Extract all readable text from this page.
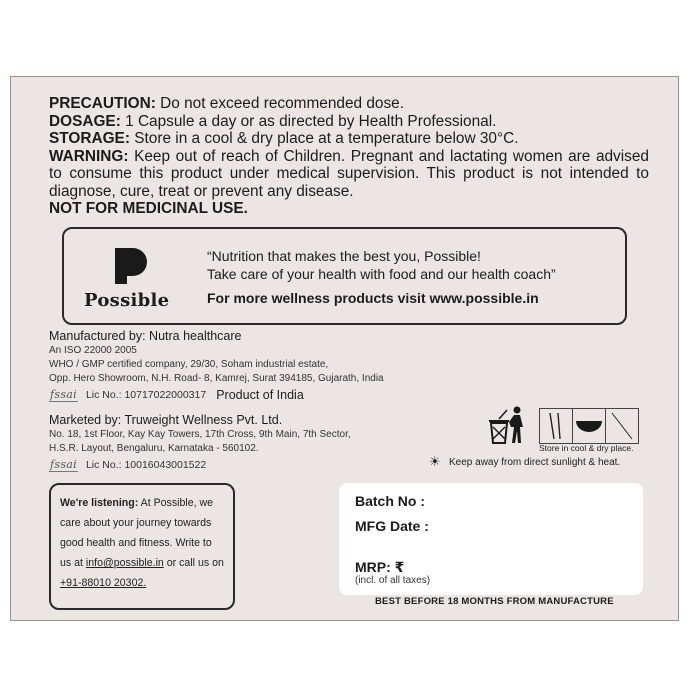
PRECAUTION: Do not exceed recommended dose.

DOSAGE: 1 Capsule a day or as directed by Health Professional.

STORAGE: Store in a cool & dry place at a temperature below 30°C.

WARNING: Keep out of reach of Children. Pregnant and lactating women are advised to consume this product under medical supervision. This product is not intended to diagnose, cure, treat or prevent any disease.

NOT FOR MEDICINAL USE.

Possible
“Nutrition that makes the best you, Possible!
Take care of your health with food and our health coach”
For more wellness products visit www.possible.in

Manufactured by: Nutra healthcare

An ISO 22000 2005

WHO / GMP certified company, 29/30, Soham industrial estate,

Opp. Hero Showroom, N.H. Road- 8, Kamrej, Surat 394185, Gujarath, India

fssai Lic No.: 10717022000317 Product of India

Marketed by: Truweight Wellness Pvt. Ltd.

No. 18, 1st Floor, Kay Kay Towers, 17th Cross, 9th Main, 7th Sector,

H.S.R. Layout, Bengaluru, Karnataka - 560102.

fssai Lic No.: 10016043001522
Store in cool & dry place.
☀ Keep away from direct sunlight & heat.
We're listening: At Possible, we care about your journey towards good health and fitness. Write to us at info@possible.in or call us on +91-88010 20302.
Batch No :
MFG Date :
MRP: ₹
(incl. of all taxes)
BEST BEFORE 18 MONTHS FROM MANUFACTURE
